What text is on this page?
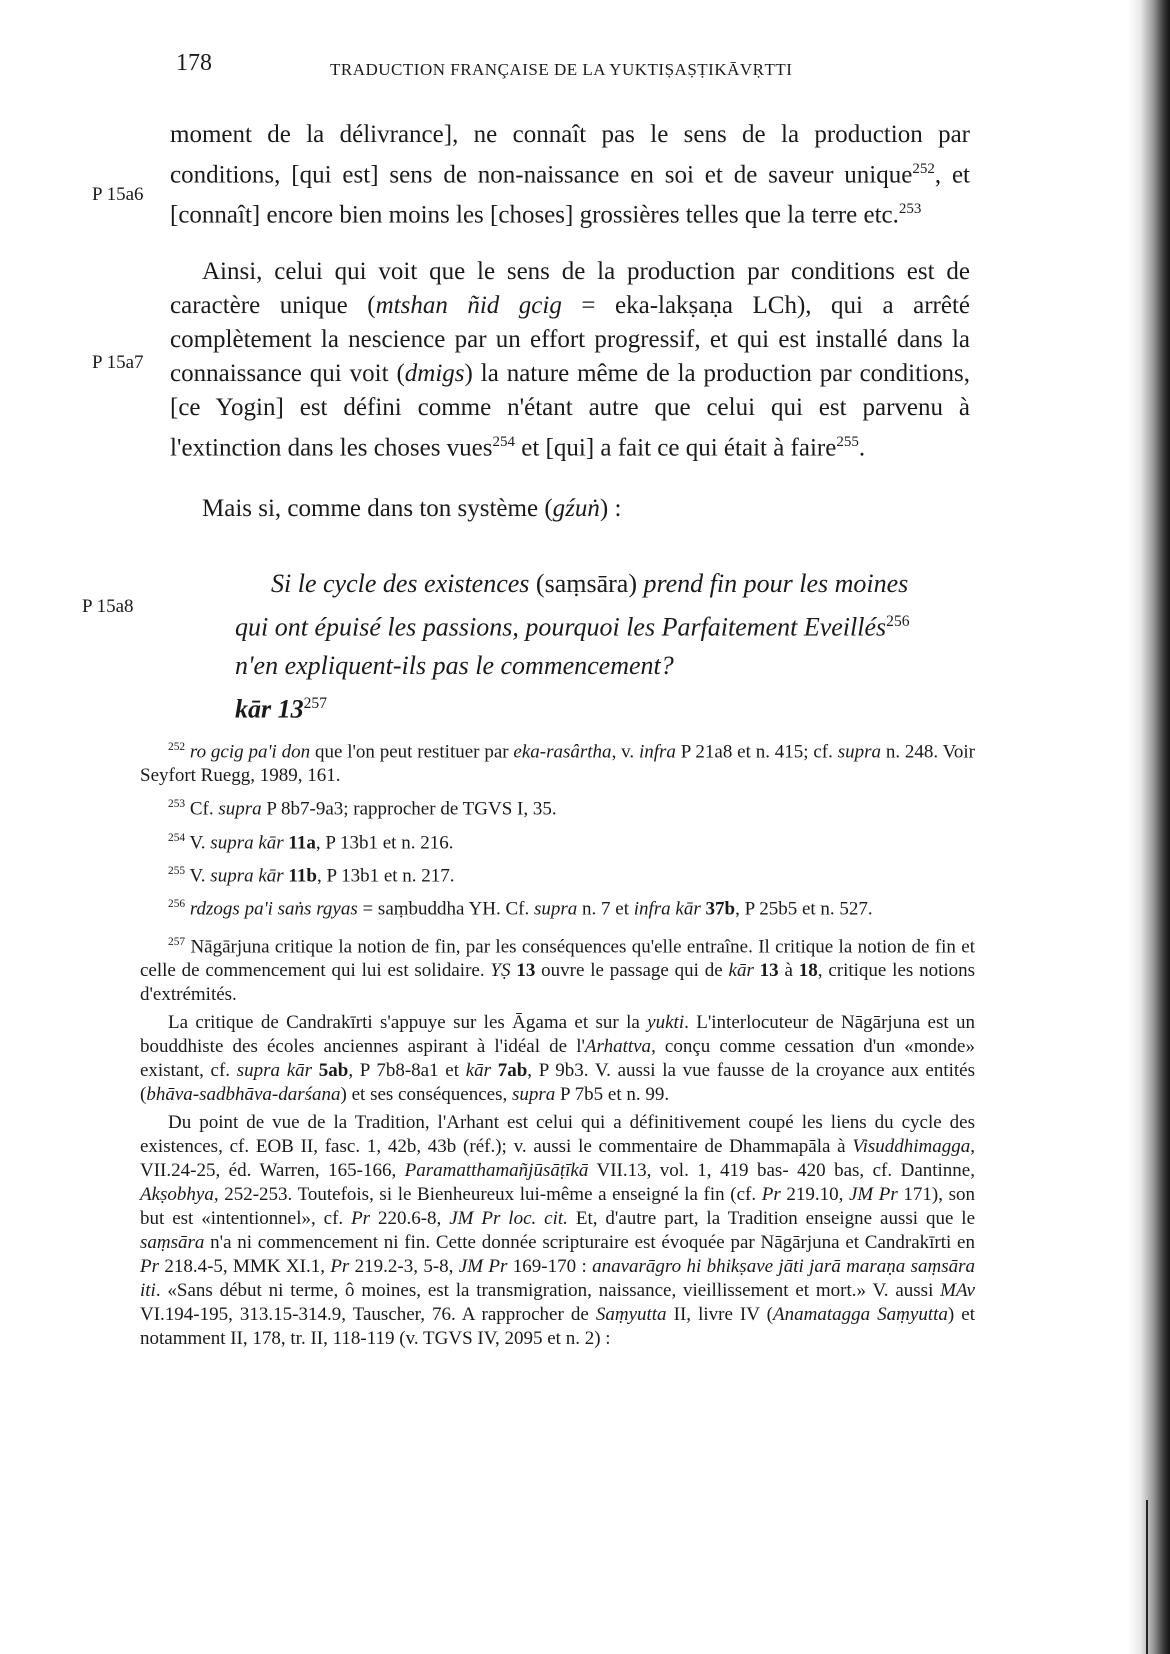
178	TRADUCTION FRANÇAISE DE LA YUKTIṢAṢṬIKĀVṚTTI
P 15a6
moment de la délivrance], ne connaît pas le sens de la production par conditions, [qui est] sens de non-naissance en soi et de saveur unique$^{252}$, et [connaît] encore bien moins les [choses] grossières telles que la terre etc.$^{253}$
P 15a7
Ainsi, celui qui voit que le sens de la production par conditions est de caractère unique (mtshan ñid gcig = eka-lakṣaṇa LCh), qui a arrêté complètement la nescience par un effort progressif, et qui est installé dans la connaissance qui voit (dmigs) la nature même de la production par conditions, [ce Yogin] est défini comme n'étant autre que celui qui est parvenu à l'extinction dans les choses vues$^{254}$ et [qui] a fait ce qui était à faire$^{255}$.
Mais si, comme dans ton système (gźuṅ) :
P 15a8
Si le cycle des existences (saṃsāra) prend fin pour les moines qui ont épuisé les passions, pourquoi les Parfaitement Eveillés$^{256}$ n'en expliquent-ils pas le commencement?
kār $13^{257}$

$^{252}$ ro gcig pa'i don que l'on peut restituer par eka-rasârtha, v. infra P 21a8 et n. 415; cf. supra n. 248. Voir Seyfort Ruegg, 1989, 161.

$^{253}$ Cf. supra P 8b7-9a3; rapprocher de TGVS I, 35.

$^{254}$ V. supra kār 11a, P 13b1 et n. 216.

$^{255}$ V. supra kār 11b, P 13b1 et n. 217.

$^{256}$ rdzogs pa'i saṅs rgyas = saṃbuddha YH. Cf. supra n. 7 et infra kār 37b, P 25b5 et n. 527.

$^{257}$ Nāgārjuna critique la notion de fin, par les conséquences qu'elle entraîne. Il critique la notion de fin et celle de commencement qui lui est solidaire. YṢ 13 ouvre le passage qui de kār 13 à 18, critique les notions d'extrémités.

La critique de Candrakīrti s'appuye sur les Āgama et sur la yukti. L'interlocuteur de Nāgārjuna est un bouddhiste des écoles anciennes aspirant à l'idéal de l'Arhattva, conçu comme cessation d'un «monde» existant, cf. supra kār 5ab, P 7b8-8a1 et kār 7ab, P 9b3. V. aussi la vue fausse de la croyance aux entités (bhāva-sadbhāva-darśana) et ses conséquences, supra P 7b5 et n. 99.

Du point de vue de la Tradition, l'Arhant est celui qui a définitivement coupé les liens du cycle des existences, cf. EOB II, fasc. 1, 42b, 43b (réf.); v. aussi le commentaire de Dhammapāla à Visuddhimagga, VII.24-25, éd. Warren, 165-166, Paramatthamañjūsāṭīkā VII.13, vol. 1, 419 bas- 420 bas, cf. Dantinne, Akṣobhya, 252-253. Toutefois, si le Bienheureux lui-même a enseigné la fin (cf. Pr 219.10, JM Pr 171), son but est «intentionnel», cf. Pr 220.6-8, JM Pr loc. cit. Et, d'autre part, la Tradition enseigne aussi que le saṃsāra n'a ni commencement ni fin. Cette donnée scripturaire est évoquée par Nāgārjuna et Candrakīrti en Pr 218.4-5, MMK XI.1, Pr 219.2-3, 5-8, JM Pr 169-170 : anavarāgro hi bhikṣave jāti jarā maraṇa saṃsāra iti. «Sans début ni terme, ô moines, est la transmigration, naissance, vieillissement et mort.» V. aussi MAv VI.194-195, 313.15-314.9, Tauscher, 76. A rapprocher de Saṃyutta II, livre IV (Anamatagga Saṃyutta) et notamment II, 178, tr. II, 118-119 (v. TGVS IV, 2095 et n. 2) :
